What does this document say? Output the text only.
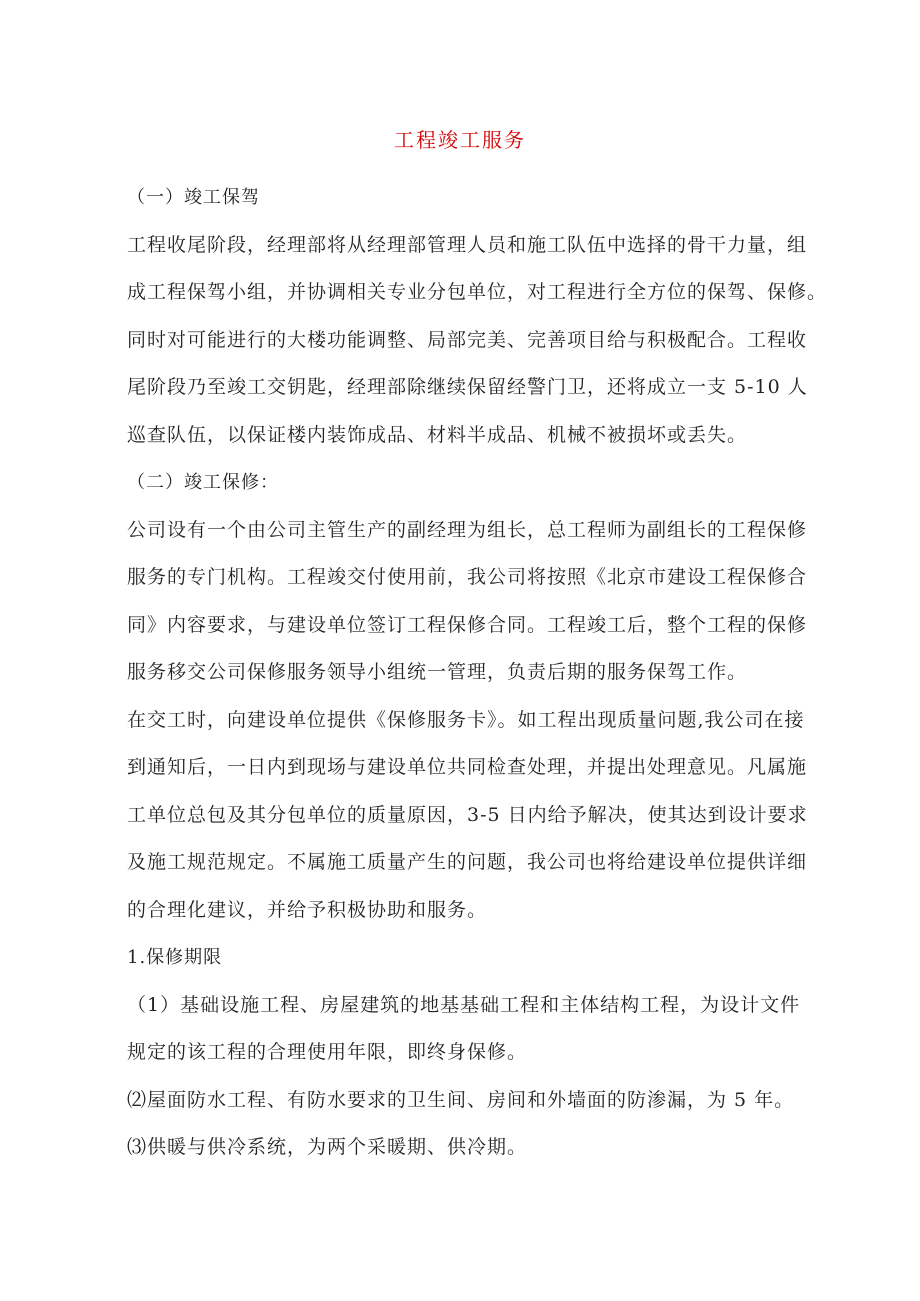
工程竣工服务
（一）竣工保驾
工程收尾阶段，经理部将从经理部管理人员和施工队伍中选择的骨干力量，组
成工程保驾小组，并协调相关专业分包单位，对工程进行全方位的保驾、保修。
同时对可能进行的大楼功能调整、局部完美、完善项目给与积极配合。工程收
尾阶段乃至竣工交钥匙，经理部除继续保留经警门卫，还将成立一支 5-10 人
巡查队伍，以保证楼内装饰成品、材料半成品、机械不被损坏或丢失。
（二）竣工保修：
公司设有一个由公司主管生产的副经理为组长，总工程师为副组长的工程保修
服务的专门机构。工程竣交付使用前，我公司将按照《北京市建设工程保修合
同》内容要求，与建设单位签订工程保修合同。工程竣工后，整个工程的保修
服务移交公司保修服务领导小组统一管理，负责后期的服务保驾工作。
在交工时，向建设单位提供《保修服务卡》。如工程出现质量问题,我公司在接
到通知后，一日内到现场与建设单位共同检查处理，并提出处理意见。凡属施
工单位总包及其分包单位的质量原因，3-5 日内给予解决，使其达到设计要求
及施工规范规定。不属施工质量产生的问题，我公司也将给建设单位提供详细
的合理化建议，并给予积极协助和服务。
1.保修期限
（1）基础设施工程、房屋建筑的地基基础工程和主体结构工程，为设计文件
规定的该工程的合理使用年限，即终身保修。
⑵屋面防水工程、有防水要求的卫生间、房间和外墙面的防渗漏，为 5 年。
⑶供暖与供冷系统，为两个采暖期、供冷期。
